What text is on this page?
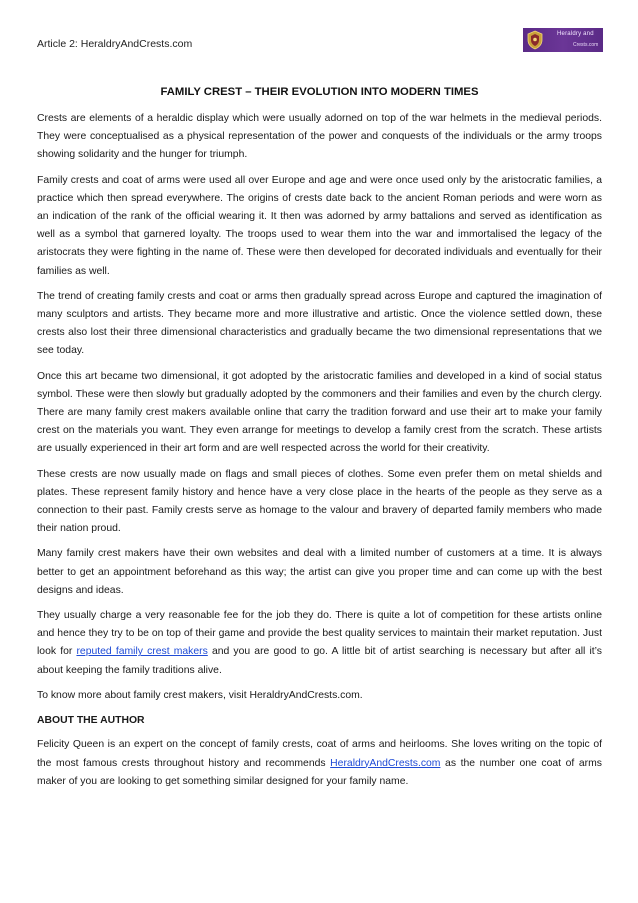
Article 2: HeraldryAndCrests.com
Heraldry and
Crests.com
FAMILY CREST – THEIR EVOLUTION INTO MODERN TIMES

Crests are elements of a heraldic display which were usually adorned on top of the war helmets in the medieval periods. They were conceptualised as a physical representation of the power and conquests of the individuals or the army troops showing solidarity and the hunger for triumph.

Family crests and coat of arms were used all over Europe and age and were once used only by the aristocratic families, a practice which then spread everywhere. The origins of crests date back to the ancient Roman periods and were worn as an indication of the rank of the official wearing it. It then was adorned by army battalions and served as identification as well as a symbol that garnered loyalty. The troops used to wear them into the war and immortalised the legacy of the aristocrats they were fighting in the name of. These were then developed for decorated individuals and eventually for their families as well.

The trend of creating family crests and coat or arms then gradually spread across Europe and captured the imagination of many sculptors and artists. They became more and more illustrative and artistic. Once the violence settled down, these crests also lost their three dimensional characteristics and gradually became the two dimensional representations that we see today.

Once this art became two dimensional, it got adopted by the aristocratic families and developed in a kind of social status symbol. These were then slowly but gradually adopted by the commoners and their families and even by the church clergy. There are many family crest makers available online that carry the tradition forward and use their art to make your family crest on the materials you want. They even arrange for meetings to develop a family crest from the scratch. These artists are usually experienced in their art form and are well respected across the world for their creativity.

These crests are now usually made on flags and small pieces of clothes. Some even prefer them on metal shields and plates. These represent family history and hence have a very close place in the hearts of the people as they serve as a connection to their past. Family crests serve as homage to the valour and bravery of departed family members who made their nation proud.

Many family crest makers have their own websites and deal with a limited number of customers at a time. It is always better to get an appointment beforehand as this way; the artist can give you proper time and can come up with the best designs and ideas.

They usually charge a very reasonable fee for the job they do. There is quite a lot of competition for these artists online and hence they try to be on top of their game and provide the best quality services to maintain their market reputation. Just look for reputed family crest makers and you are good to go. A little bit of artist searching is necessary but after all it’s about keeping the family traditions alive.

To know more about family crest makers, visit HeraldryAndCrests.com.

ABOUT THE AUTHOR

Felicity Queen is an expert on the concept of family crests, coat of arms and heirlooms. She loves writing on the topic of the most famous crests throughout history and recommends HeraldryAndCrests.com as the number one coat of arms maker of you are looking to get something similar designed for your family name.
